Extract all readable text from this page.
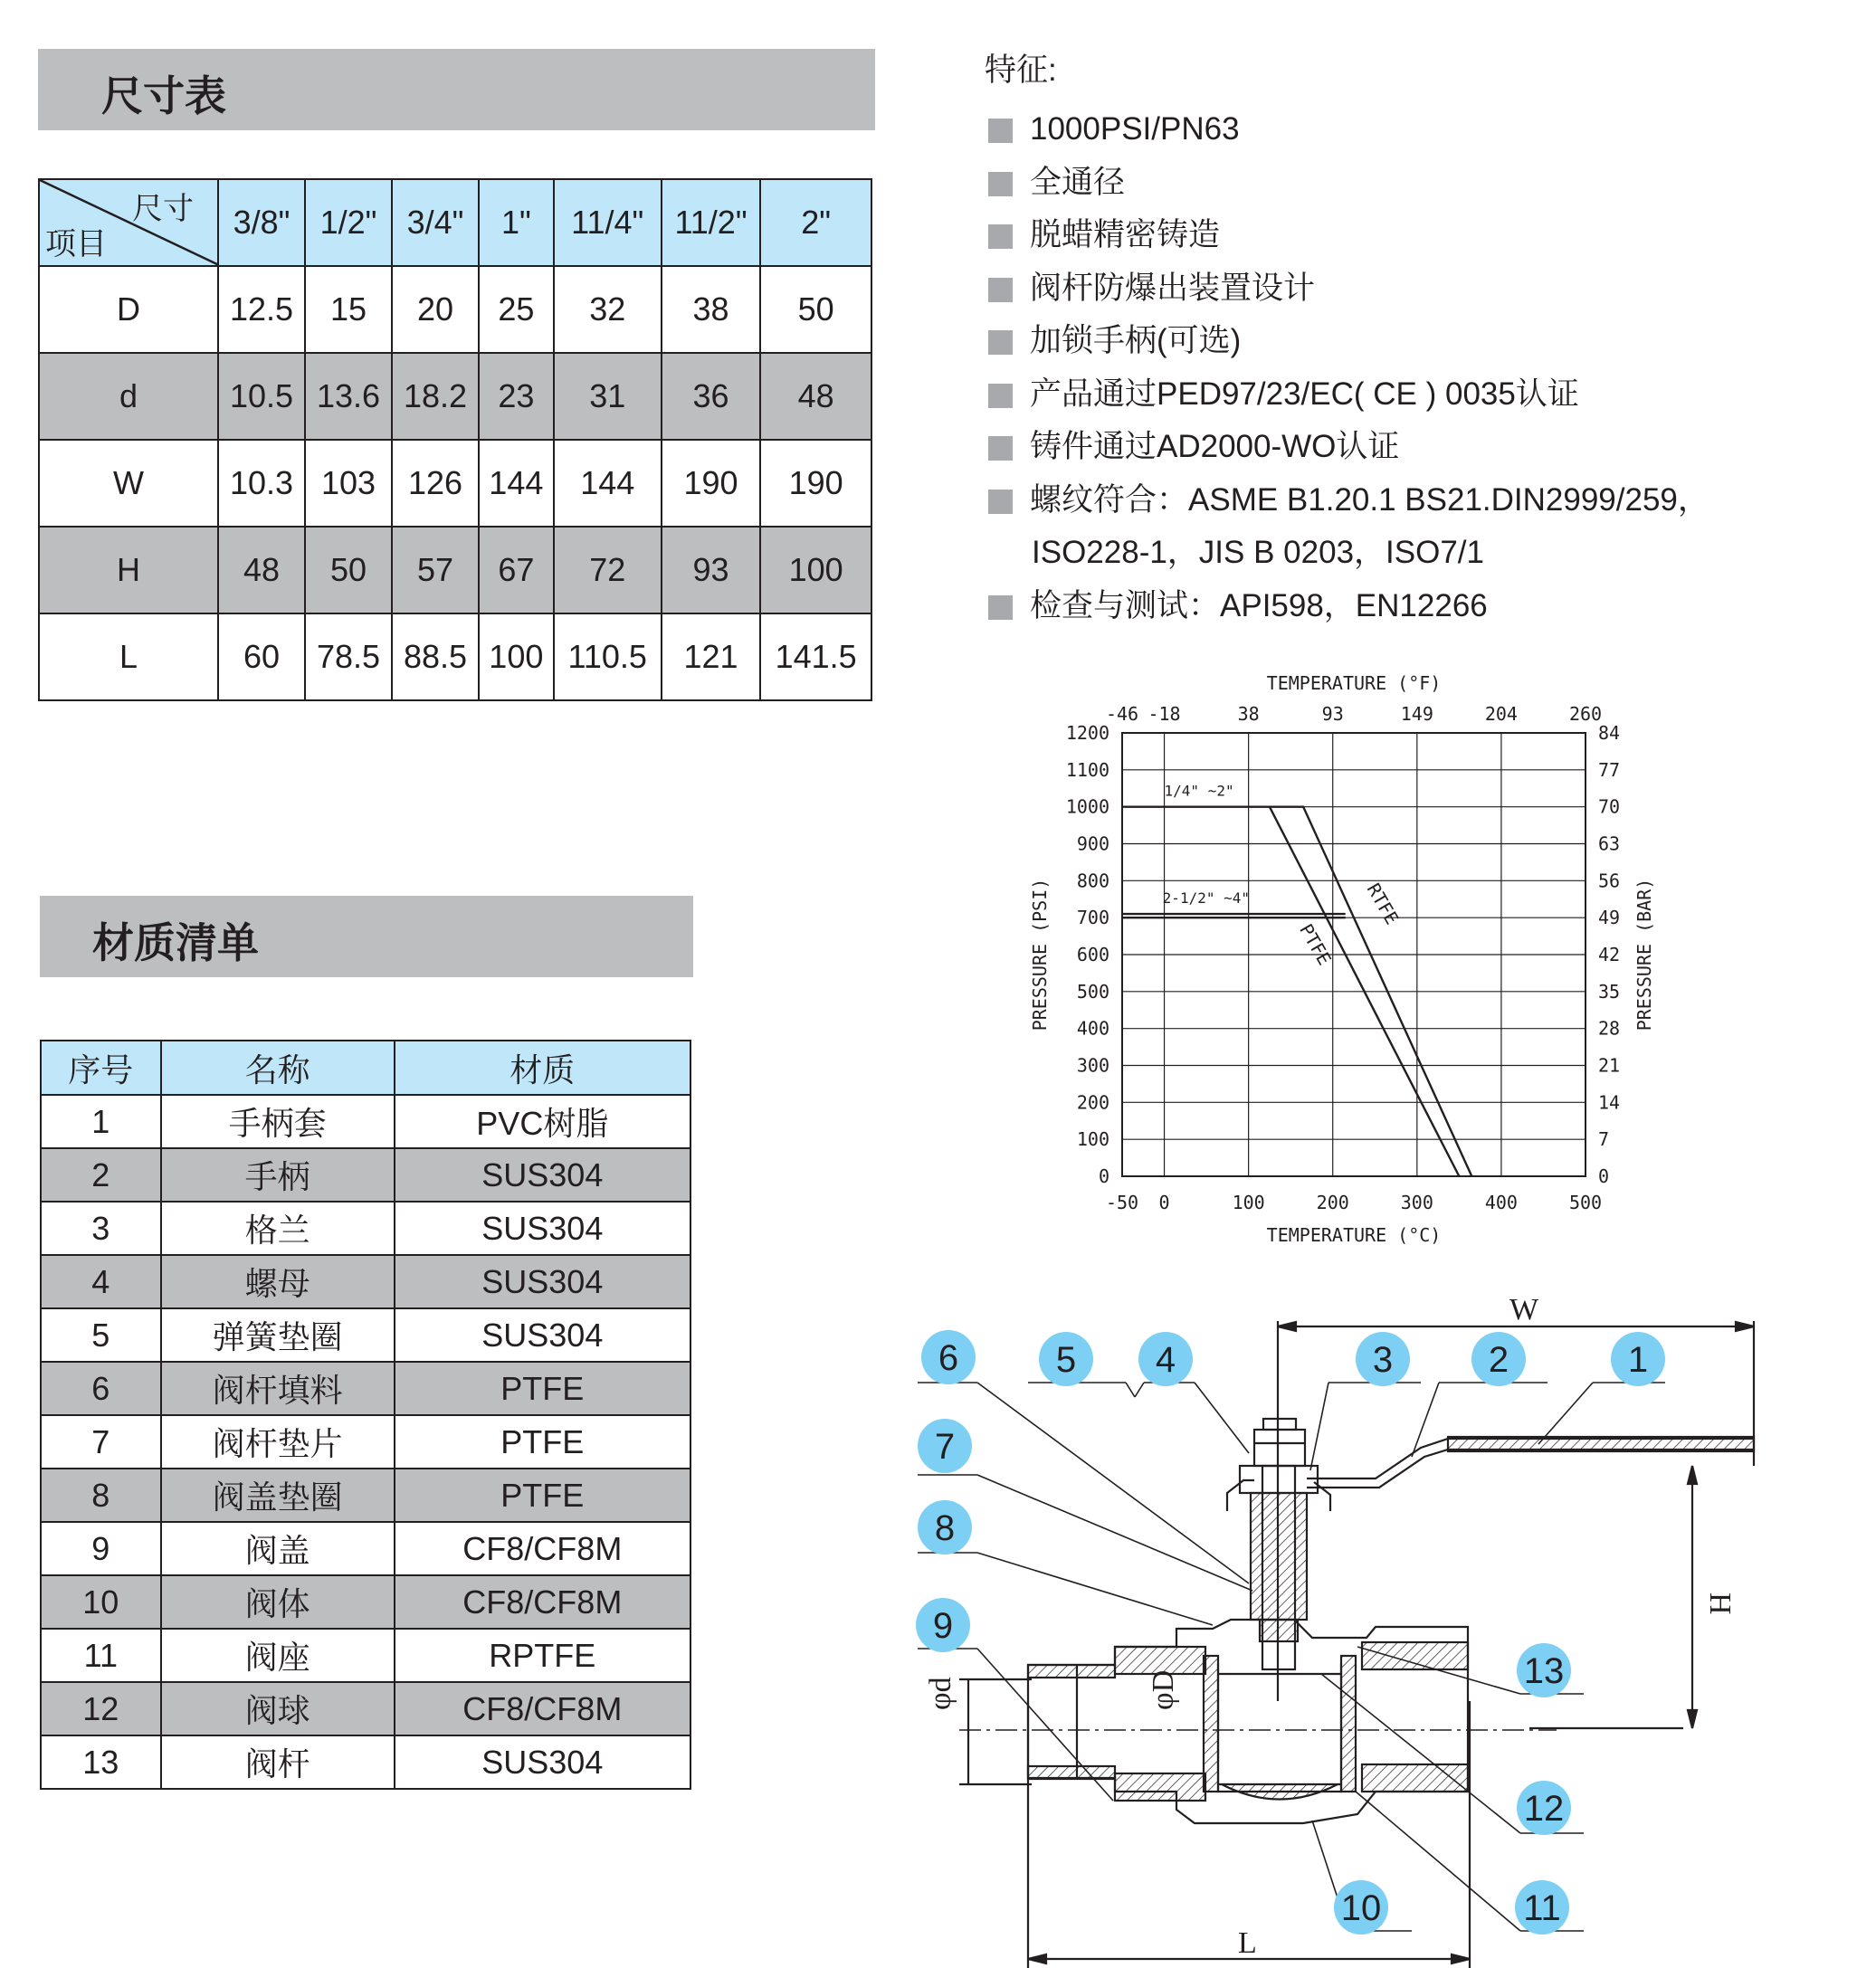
尺寸表
尺寸
项目	3/8"	1/2"	3/4"	1"	11/4"	11/2"	2"
D	12.5	15	20	25	32	38	50
d	10.5	13.6	18.2	23	31	36	48
W	10.3	103	126	144	144	190	190
H	48	50	57	67	72	93	100
L	60	78.5	88.5	100	110.5	121	141.5
特征:
1000PSI/PN63
全通径
脱蜡精密铸造
阀杆防爆出装置设计
加锁手柄(可选)
产品通过PED97/23/EC( CE ) 0035认证
铸件通过AD2000-WO认证
螺纹符合：ASME B1.20.1 BS21.DIN2999/259，
ISO228-1，JIS B 0203，ISO7/1
检查与测试：API598，EN12266
0	0
100	7
200	14
300	21
400	28
500	35
600	42
700	49
800	56
900	63
1000	70
1100	77
1200	84
-50
-46
0
-18
100
38
200
93
300
149
400
204
500
260
TEMPERATURE (°C)
TEMPERATURE (°F)
PRESSURE (PSI)	PRESSURE (BAR)
1/4" ~2"
2-1/2" ~4"
PTFE
RTFE
材质清单
序号	名称	材质
1	手柄套	PVC树脂
2	手柄	SUS304
3	格兰	SUS304
4	螺母	SUS304
5	弹簧垫圈	SUS304
6	阀杆填料	PTFE
7	阀杆垫片	PTFE
8	阀盖垫圈	PTFE
9	阀盖	CF8/CF8M
10	阀体	CF8/CF8M
11	阀座	RPTFE
12	阀球	CF8/CF8M
13	阀杆	SUS304
W
H
L
φd	φD
1
2
3
4
5
6
7
8
9
10	11
12
13
